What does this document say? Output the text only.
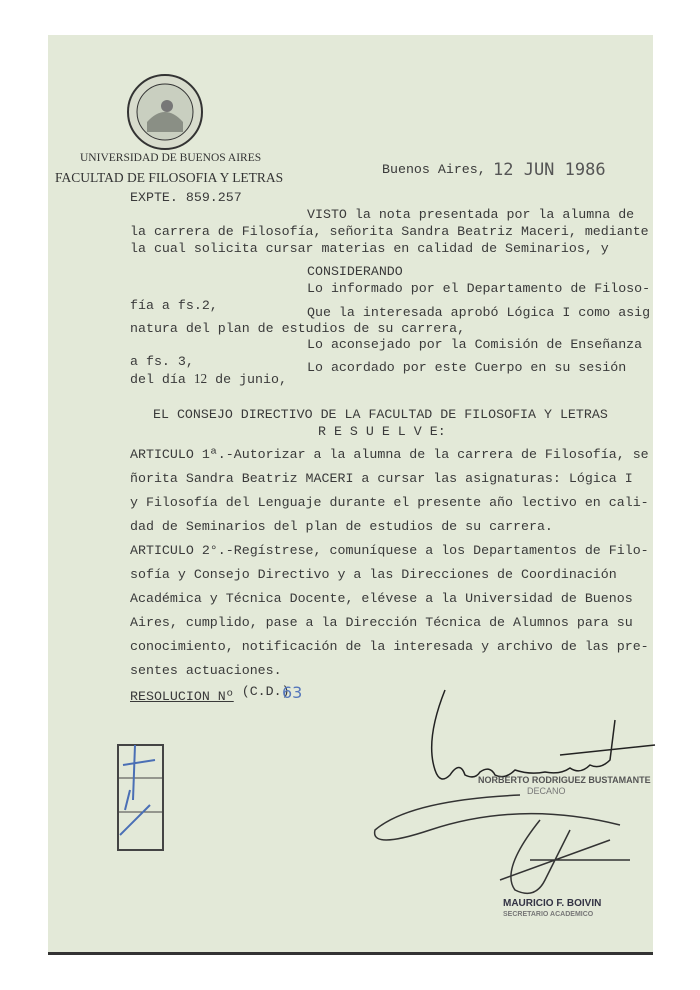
UNIVERSIDAD DE BUENOS AIRES
FACULTAD DE FILOSOFIA Y LETRAS
EXPTE. 859.257
Buenos Aires, 12 JUN 1986
VISTO la nota presentada por la alumna de
la carrera de Filosofía, señorita Sandra Beatriz Maceri, mediante
la cual solicita cursar materias en calidad de Seminarios, y
CONSIDERANDO
Lo informado por el Departamento de Filoso-
fía a fs.2,	Que la interesada aprobó Lógica I como asig
natura del plan de estudios de su carrera,
Lo aconsejado por la Comisión de Enseñanza
a fs. 3,	Lo acordado por este Cuerpo en su sesión
del día 12 de junio,
EL CONSEJO DIRECTIVO DE LA FACULTAD DE FILOSOFIA Y LETRAS
R E S U E L V E:
ARTICULO 1ª.-Autorizar a la alumna de la carrera de Filosofía, se
ñorita Sandra Beatriz MACERI a cursar las asignaturas: Lógica I
y Filosofía del Lenguaje durante el presente año lectivo en cali-
dad de Seminarios del plan de estudios de su carrera.
ARTICULO 2°.-Regístrese, comuníquese a los Departamentos de Filo-
sofía y Consejo Directivo y a las Direcciones de Coordinación
Académica y Técnica Docente, elévese a la Universidad de Buenos
Aires, cumplido, pase a la Dirección Técnica de Alumnos para su
conocimiento, notificación de la interesada y archivo de las pre-
sentes actuaciones.
RESOLUCION Nº (C.D.)
63
NORBERTO RODRIGUEZ BUSTAMANTE
DECANO
MAURICIO F. BOIVIN
SECRETARIO ACADEMICO
